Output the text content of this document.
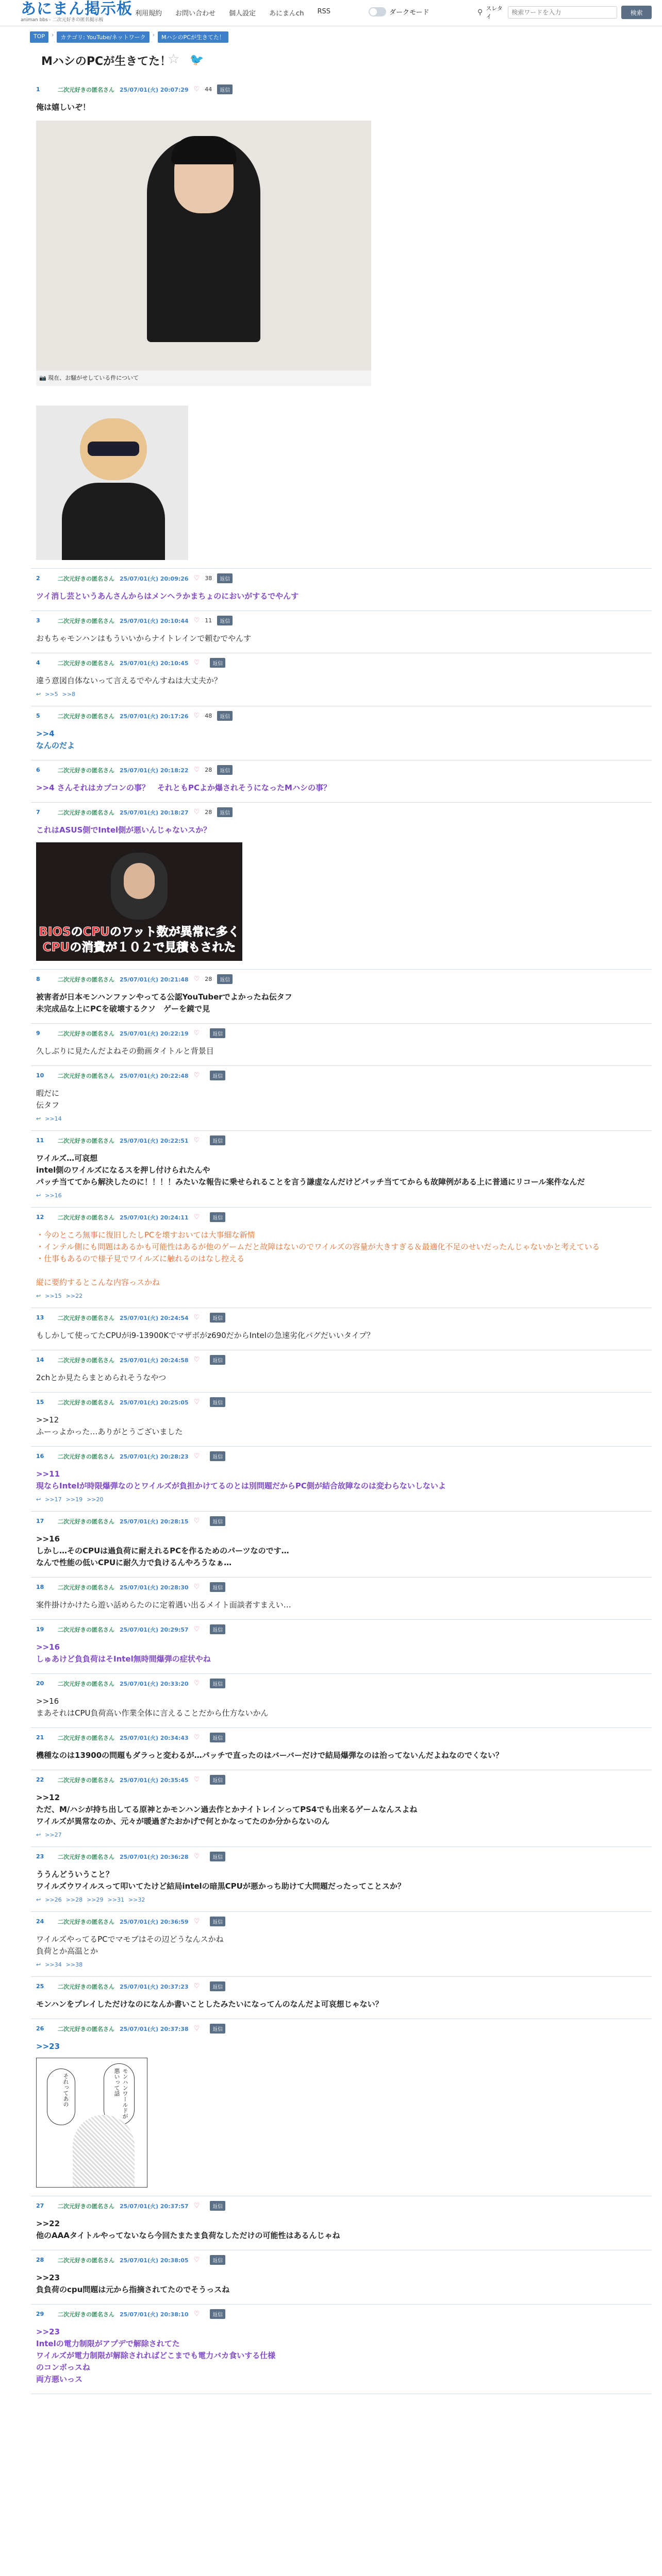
あにまん掲示板
animan bbs - 二次元好きの匿名掲示板
利用規約 お問い合わせ 個人設定 あにまんch RSS	ダークモード	⚲ スレタイ
検索ワードを入力
検索
TOP	›	カテゴリ: YouTube/ネットワーク	›	MハシのPCが生きてた！
MハシのPCが生きてた！
☆ 🐦
1	二次元好きの匿名さん 25/07/01(火) 20:07:29 ♡ 44	返信
俺は嬉しいぞ！
📷 現在、お騒がせしている件について
2	二次元好きの匿名さん 25/07/01(火) 20:09:26 ♡ 38	返信
ツイ消し芸というあんさんからはメンヘラかまちょのにおいがするでやんす
3	二次元好きの匿名さん 25/07/01(火) 20:10:44 ♡ 11	返信
おもちゃモンハンはもういいからナイトレインで頼むでやんす
4	二次元好きの匿名さん 25/07/01(火) 20:10:45 ♡	返信
違う意図自体ないって言えるでやんすねは大丈夫か？
↩ >>5 >>8
5	二次元好きの匿名さん 25/07/01(火) 20:17:26 ♡ 48	返信
>>4
なんのだよ
6	二次元好きの匿名さん 25/07/01(火) 20:18:22 ♡ 28	返信
>>4 さんそれはカプコンの事？　それともPCよか爆されそうになったMハシの事？
7	二次元好きの匿名さん 25/07/01(火) 20:18:27 ♡ 28	返信
これはASUS側でIntel側が悪いんじゃないスか？
BIOSのCPUのワット数が異常に多く
CPUの消費が１０２で見積もされた
8	二次元好きの匿名さん 25/07/01(火) 20:21:48 ♡ 28	返信
被害者が日本モンハンファンやってる公認YouTuberでよかったね伝タフ
未完成品な上にPCを破壊するクソ　ゲーを鏡で見
9	二次元好きの匿名さん 25/07/01(火) 20:22:19 ♡	返信
久しぶりに見たんだよねその動画タイトルと背景目
10	二次元好きの匿名さん 25/07/01(火) 20:22:48 ♡	返信
暇だに
伝タフ
↩ >>14
11	二次元好きの匿名さん 25/07/01(火) 20:22:51 ♡	返信
ワイルズ…可哀想
intel側のワイルズになるスを押し付けられたんや
パッチ当ててから解決したのに！！！！みたいな報告に乗せられることを言う謙虚なんだけどパッチ当ててからも故障例がある上に普通にリコール案件なんだ
↩ >>16
12	二次元好きの匿名さん 25/07/01(火) 20:24:11 ♡	返信
・今のところ無事に復旧したしPCを壊すおいては大事細な新情
・インテル側にも問題はあるかも可能性はあるが他のゲームだと故障はないのでワイルズの容量が大きすぎる＆最適化不足のせいだったんじゃないかと考えている
・仕事もあるので様子見でワイルズに触れるのはなし控える

縦に要約するとこんな内容っスかね
↩ >>15 >>22
13	二次元好きの匿名さん 25/07/01(火) 20:24:54 ♡	返信
もしかして使ってたCPUがi9-13900Kでマザボがz690だからIntelの急速劣化バグだいいタイプ？
14	二次元好きの匿名さん 25/07/01(火) 20:24:58 ♡	返信
2chとか見たらまとめられそうなやつ
15	二次元好きの匿名さん 25/07/01(火) 20:25:05 ♡	返信
>>12
ふーっよかった…ありがとうございました
16	二次元好きの匿名さん 25/07/01(火) 20:28:23 ♡	返信
>>11
現ならIntelが時限爆弾なのとワイルズが負担かけてるのとは別問題だからPC側が結合故障なのは変わらないしないよ
↩ >>17 >>19 >>20
17	二次元好きの匿名さん 25/07/01(火) 20:28:15 ♡	返信
>>16
しかし…そのCPUは過負荷に耐えれるPCを作るためのパーツなのです…
なんで性能の低いCPUに耐久力で負けるんやろうなぁ…
18	二次元好きの匿名さん 25/07/01(火) 20:28:30 ♡	返信
案件掛けかけたら遊い話めらたのに定着遇い出るメイト面談者すまえい…
19	二次元好きの匿名さん 25/07/01(火) 20:29:57 ♡	返信
>>16
しゅあけど負負荷はそIntel無時間爆弾の症状やね
20	二次元好きの匿名さん 25/07/01(火) 20:33:20 ♡	返信
>>16
まあそれはCPU負荷高い作業全体に言えることだから仕方ないかん
21	二次元好きの匿名さん 25/07/01(火) 20:34:43 ♡	返信
機種なのは13900の問題もダラっと変わるが…パッチで直ったのはバーバーだけで結局爆弾なのは治ってないんだよねなのでくない？
22	二次元好きの匿名さん 25/07/01(火) 20:35:45 ♡	返信
>>12
ただ、M/ハシが持ち出してる原神とかモンハン過去作とかナイトレインってPS4でも出来るゲームなんスよね
ワイルズが異常なのか、元々が暖過ぎたおかげで何とかなってたのか分からないのん
↩ >>27
23	二次元好きの匿名さん 25/07/01(火) 20:36:28 ♡	返信
ううんどういうこと？
ワイルズウワイルスって叩いてたけど結局intelの暗黒CPUが悪かっち助けて大問題だったってことスか？
↩ >>26 >>28 >>29 >>31 >>32
24	二次元好きの匿名さん 25/07/01(火) 20:36:59 ♡	返信
ワイルズやってるPCでマモブはその辺どうなんスかね
負荷とか高温とか
↩ >>34 >>38
25	二次元好きの匿名さん 25/07/01(火) 20:37:23 ♡	返信
モンハンをプレイしただけなのになんか書いことしたみたいになってんのなんだよ可哀想じゃない？
26	二次元好きの匿名さん 25/07/01(火) 20:37:38 ♡	返信
>>23
それってあの	モンハンワールドが悪いって話
27	二次元好きの匿名さん 25/07/01(火) 20:37:57 ♡	返信
>>22
他のAAAタイトルやってないなら今回たまたま負荷なしただけの可能性はあるんじゃね
28	二次元好きの匿名さん 25/07/01(火) 20:38:05 ♡	返信
>>23
負負荷のcpu問題は元から指摘されてたのでそうっスね
29	二次元好きの匿名さん 25/07/01(火) 20:38:10 ♡	返信
>>23
Intelの電力制限がアプデで解除されてた
ワイルズが電力制限が解除されればどこまでも電力バカ食いする仕様
のコンボっスね
両方悪いっス
